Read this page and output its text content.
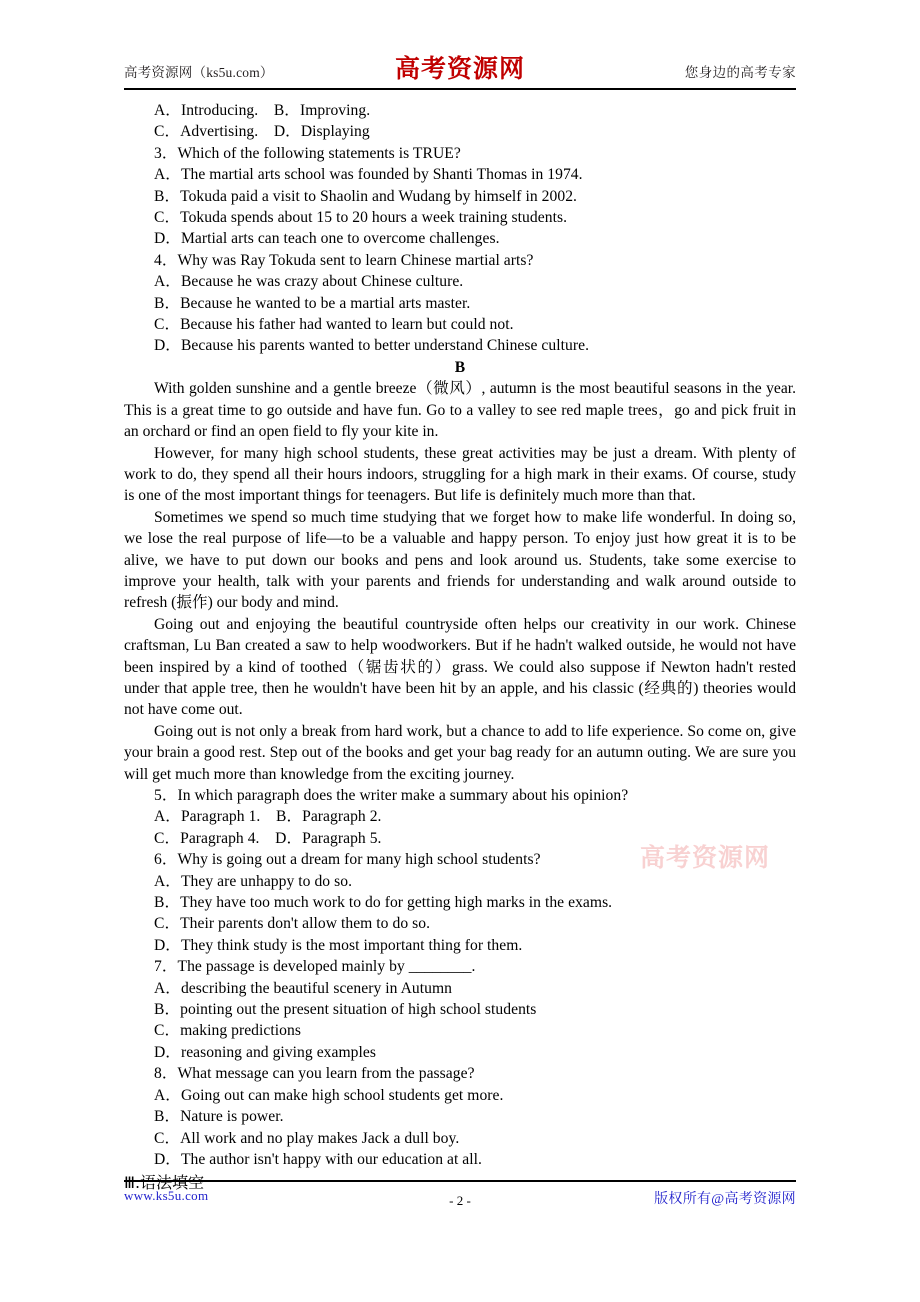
高考资源网（ks5u.com）	高考资源网	您身边的高考专家
A．Introducing. B．Improving.
C．Advertising. D．Displaying
3．Which of the following statements is TRUE?
A．The martial arts school was founded by Shanti Thomas in 1974.
B．Tokuda paid a visit to Shaolin and Wudang by himself in 2002.
C．Tokuda spends about 15 to 20 hours a week training students.
D．Martial arts can teach one to overcome challenges.
4．Why was Ray Tokuda sent to learn Chinese martial arts?
A．Because he was crazy about Chinese culture.
B．Because he wanted to be a martial arts master.
C．Because his father had wanted to learn but could not.
D．Because his parents wanted to better understand Chinese culture.
B
With golden sunshine and a gentle breeze（微风）, autumn is the most beautiful seasons in the year. This is a great time to go outside and have fun. Go to a valley to see red maple trees，go and pick fruit in an orchard or find an open field to fly your kite in.
However, for many high school students, these great activities may be just a dream. With plenty of work to do, they spend all their hours indoors, struggling for a high mark in their exams. Of course, study is one of the most important things for teenagers. But life is definitely much more than that.
Sometimes we spend so much time studying that we forget how to make life wonderful. In doing so, we lose the real purpose of life—to be a valuable and happy person. To enjoy just how great it is to be alive, we have to put down our books and pens and look around us. Students, take some exercise to improve your health, talk with your parents and friends for understanding and walk around outside to refresh (振作) our body and mind.
Going out and enjoying the beautiful countryside often helps our creativity in our work. Chinese craftsman, Lu Ban created a saw to help woodworkers. But if he hadn't walked outside, he would not have been inspired by a kind of toothed（锯齿状的）grass. We could also suppose if Newton hadn't rested under that apple tree, then he wouldn't have been hit by an apple, and his classic (经典的) theories would not have come out.
Going out is not only a break from hard work, but a chance to add to life experience. So come on, give your brain a good rest. Step out of the books and get your bag ready for an autumn outing. We are sure you will get much more than knowledge from the exciting journey.
5．In which paragraph does the writer make a summary about his opinion?
A．Paragraph 1. B．Paragraph 2.
C．Paragraph 4. D．Paragraph 5.
6．Why is going out a dream for many high school students?
A．They are unhappy to do so.
B．They have too much work to do for getting high marks in the exams.
C．Their parents don't allow them to do so.
D．They think study is the most important thing for them.
7．The passage is developed mainly by ________.
A．describing the beautiful scenery in Autumn
B．pointing out the present situation of high school students
C．making predictions
D．reasoning and giving examples
8．What message can you learn from the passage?
A．Going out can make high school students get more.
B．Nature is power.
C．All work and no play makes Jack a dull boy.
D．The author isn't happy with our education at all.
Ⅲ.语法填空
高考资源网
www.ks5u.com	- 2 -	版权所有@高考资源网
